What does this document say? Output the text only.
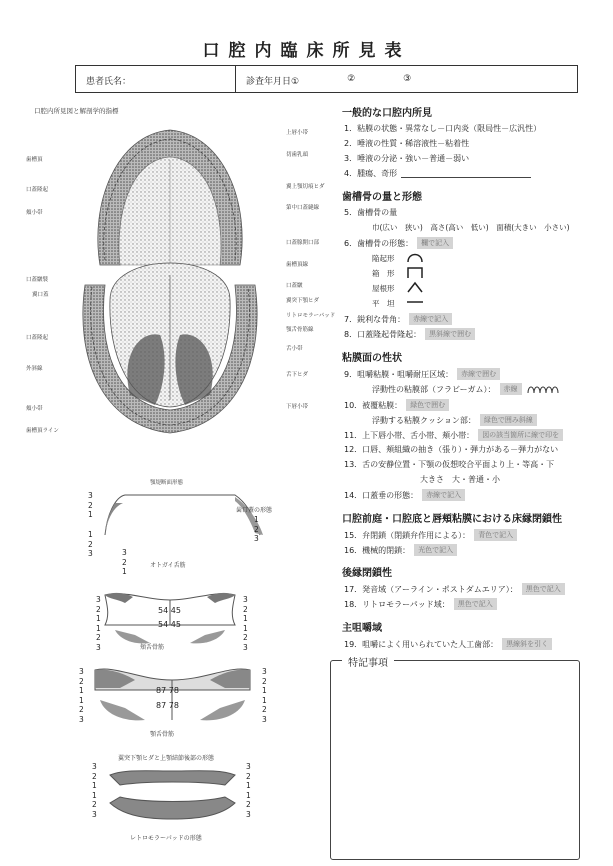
口腔内臨床所見表
患者氏名：	診査年月日①	②	③
口腔内所見図と解剖学的指標
歯槽頂
口蓋隆起
頬小帯
口蓋皺襞
翼口蓋
口蓋隆起
外斜線
頬小帯
歯槽頂ライン
上唇小帯
切歯乳頭
翼上顎切痕ヒダ
第中口蓋縫線
口蓋腺開口部
歯槽頂線
口蓋皺
翼突下顎ヒダ
リトロモラーパッド
顎舌骨筋線
舌小帯
舌下ヒダ
下唇小帯
顎堤断面形態
歯口蓋の形態
3
2
1
1
2
3
1
2
3	3
2
1
オトガイ舌筋
54 45
54 45
頬舌骨筋
3
2
1
1
2
3
3
2
1
1
2
3
87 78
87 78
顎舌骨筋
3
2
1
1
2
3
3
2
1
1
2
3
翼突下顎ヒダと上顎結節後部の形態
3
2
1
1
2
3
3
2
1
1
2
3
レトロモラーパッドの形態
一般的な口腔内所見
1．粘膜の状態・異常なし－口内炎（限局性－広汎性）
2．唾液の性質・稀溶液性－粘着性
3．唾液の分泌・強い－普通－弱い
4．腫瘍、奇形
歯槽骨の量と形態
5．歯槽骨の量
巾(広い　狭い)　高さ(高い　低い)　面積(大きい　小さい)
6．歯槽骨の形態：	欄で記入
陥起形
箱　形
屋根形
平　坦
7．鋭利な骨角：	赤線で記入
8．口蓋隆起骨隆起：	黒斜線で囲む
粘膜面の性状
9．咀嚼粘膜・咀嚼耐圧区域：	赤線で囲む
浮動性の粘膜部（フラビーガム）：	赤線
10．被覆粘膜：	緑色で囲む
浮動する粘膜クッション部：	緑色で囲み斜線
11．上下唇小帯、舌小帯、頬小帯：	図の該当箇所に線で印を
12．口唇、頬組織の抽き（張り）・弾力がある－弾力がない
13．舌の安静位置・下顎の仮想咬合平面より上・等高・下
大きさ　大・普通・小
14．口蓋垂の形態：	赤線で記入
口腔前庭・口腔底と唇頬粘膜における床縁閉鎖性
15．弁閉鎖（閉鎖弁作用による）：	青色で記入
16．機械的閉鎖：	光色で記入
後縁閉鎖性
17．発音域（アーライン・ポストダムエリア）：	黒色で記入
18．リトロモラーパッド域：	黒色で記入
主咀嚼域
19．咀嚼によく用いられていた人工歯部：	黒線斜を引く
特記事項
